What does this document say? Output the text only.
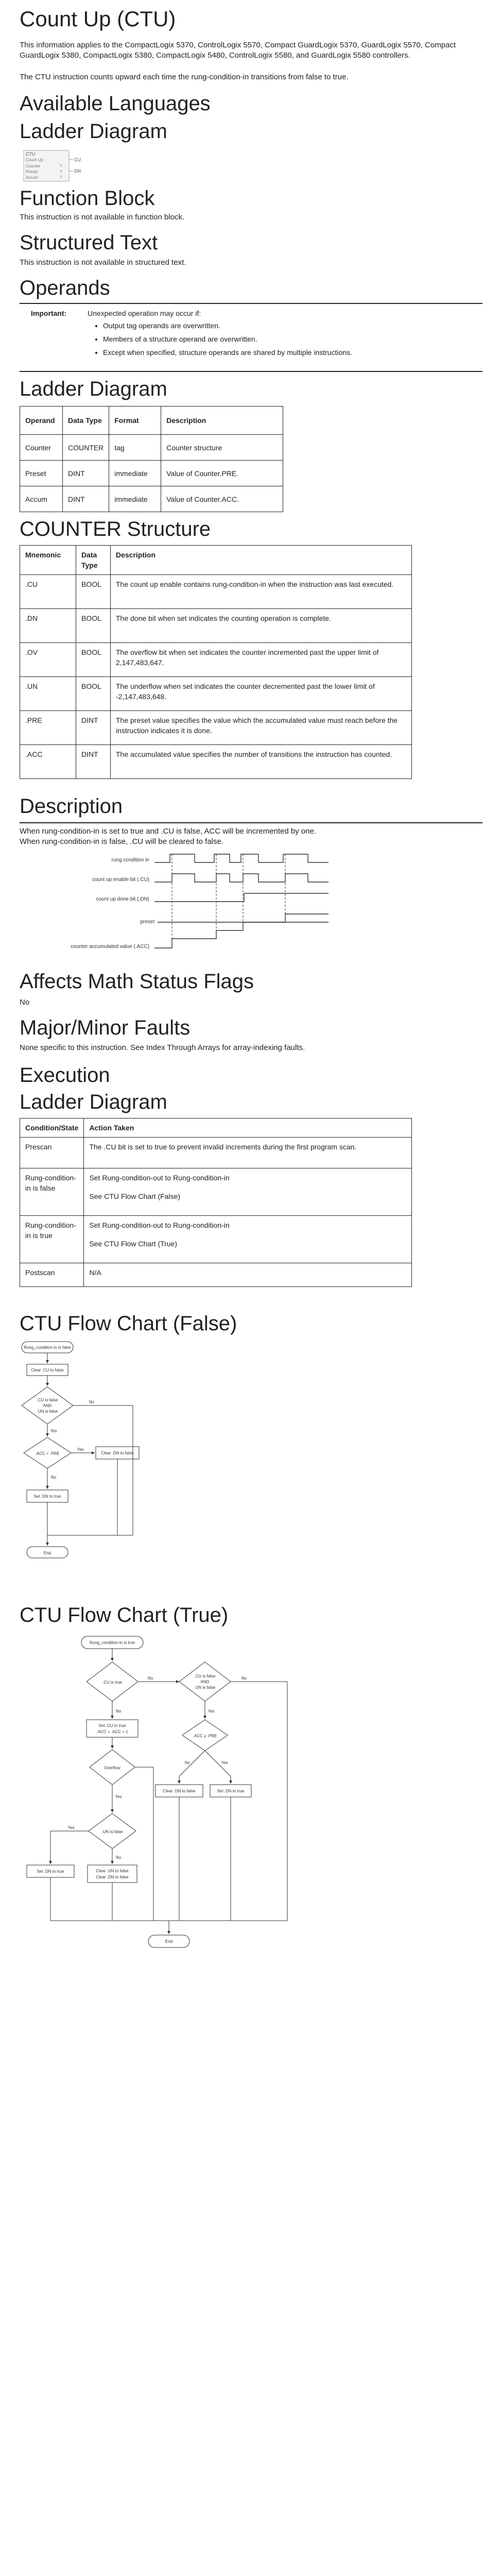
Count Up (CTU)

This information applies to the CompactLogix 5370, ControlLogix 5570, Compact GuardLogix 5370, GuardLogix 5570, Compact GuardLogix 5380, CompactLogix 5380, CompactLogix 5480, ControlLogix 5580, and GuardLogix 5580 controllers.

The CTU instruction counts upward each time the rung-condition-in transitions from false to true.

Available Languages
Ladder Diagram
CTU
Count Up
Counter	?
Preset	?
Accum	?
CU
DN
Function Block

This instruction is not available in function block.

Structured Text

This instruction is not available in structured text.

Operands
Important:	Unexpected operation may occur if:
• Output tag operands are overwritten.
• Members of a structure operand are overwritten.
• Except when specified, structure operands are shared by multiple instructions.
Ladder Diagram
Operand	Data Type	Format	Description
Counter	COUNTER	tag	Counter structure
Preset	DINT	immediate	Value of Counter.PRE.
Accum	DINT	immediate	Value of Counter.ACC.
COUNTER Structure
Mnemonic	Data Type	Description
.CU	BOOL	The count up enable contains rung-condition-in when the instruction was last executed.
.DN	BOOL	The done bit when set indicates the counting operation is complete.
.OV	BOOL	The overflow bit when set indicates the counter incremented past the upper limit of 2,147,483,647.
.UN	BOOL	The underflow when set indicates the counter decremented past the lower limit of -2,147,483,648.
.PRE	DINT	The preset value specifies the value which the accumulated value must reach before the instruction indicates it is done.
.ACC	DINT	The accumulated value specifies the number of transitions the instruction has counted.
Description

When rung-condition-in is set to true and .CU is false, ACC will be incremented by one.

When rung-condition-in is false, .CU will be cleared to false.

rung condition in
count up enable bit (.CU)
count up done bit (.DN)
preset
counter accumulated value (.ACC)
Affects Math Status Flags

No

Major/Minor Faults

None specific to this instruction. See Index Through Arrays for array-indexing faults.

Execution
Ladder Diagram
Condition/State	Action Taken
Prescan	The .CU bit is set to true to prevent invalid increments during the first program scan.
Rung-condition-in is false	Set Rung-condition-out to Rung-condition-in
See CTU Flow Chart (False)

Rung-condition-in is true	Set Rung-condition-out to Rung-condition-in
See CTU Flow Chart (True)

Postscan	N/A
CTU Flow Chart (False)
Rung_condition-in is false
Clear .CU to false
.CU is false
AND
.UN is false
No
Yes
.ACC < .PRE
Yes
Clear .DN to false
No
Set .DN to true
End
CTU Flow Chart (True)
Rung_condition-in is true
.CU is true
No	.CU is false
AND
.UN is false
No
Set .CU to true
.ACC = .ACC + 1
Overflow
Yes
.UN is false
Yes
Set .DN to true
No
Clear .UN to false
Clear .DN to false
Yes
.ACC ≥ .PRE
No
No	Yes
Clear .DN to false	Set .DN to true
End
